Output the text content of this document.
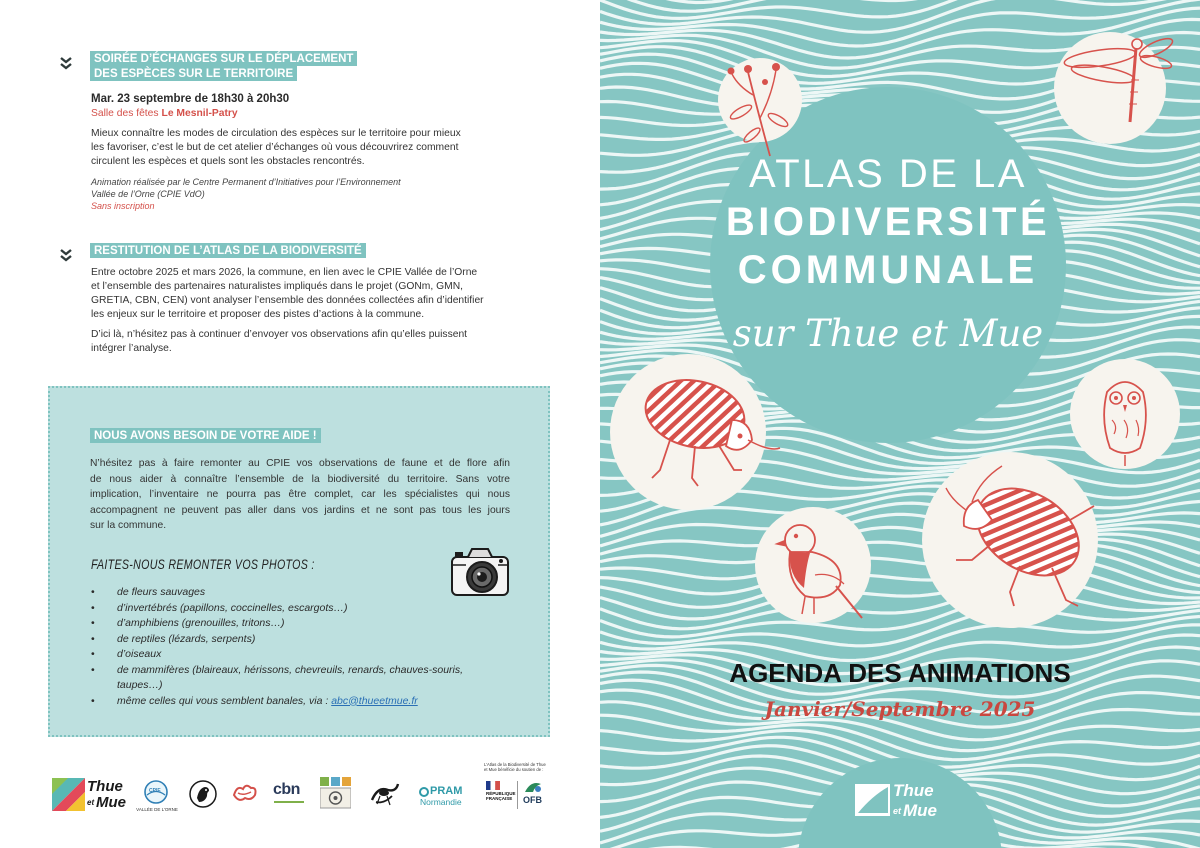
SOIRÉE D’ÉCHANGES SUR LE DÉPLACEMENT
DES ESPÈCES SUR LE TERRITOIRE
Mar. 23 septembre de 18h30 à 20h30
Salle des fêtes Le Mesnil-Patry
Mieux connaître les modes de circulation des espèces sur le territoire pour mieux
les favoriser, c’est le but de cet atelier d’échanges où vous découvrirez comment
circulent les espèces et quels sont les obstacles rencontrés.
Animation réalisée par le Centre Permanent d’Initiatives pour l’Environnement
Vallée de l’Orne (CPIE VdO)
Sans inscription
RESTITUTION DE L’ATLAS DE LA BIODIVERSITÉ
Entre octobre 2025 et mars 2026, la commune, en lien avec le CPIE Vallée de l’Orne
et l’ensemble des partenaires naturalistes impliqués dans le projet (GONm, GMN,
GRETIA, CBN, CEN) vont analyser l’ensemble des données collectées afin d’identifier
les enjeux sur le territoire et proposer des pistes d’actions à la commune.
D’ici là, n’hésitez pas à continuer d’envoyer vos observations afin qu’elles puissent
intégrer l’analyse.
NOUS AVONS BESOIN DE VOTRE AIDE !
N’hésitez pas à faire remonter au CPIE vos observations de faune et de flore afin
de nous aider à connaître l’ensemble de la biodiversité du territoire. Sans votre
implication, l’inventaire ne pourra pas être complet, car les spécialistes qui nous
accompagnent ne peuvent pas aller dans vos jardins et ne sont pas tous les jours
sur la commune.
FAITES-NOUS REMONTER VOS PHOTOS :
• de fleurs sauvages
• d’invertébrés (papillons, coccinelles, escargots…)
• d’amphibiens (grenouilles, tritons…)
• de reptiles (lézards, serpents)
• d’oiseaux
• de mammifères (blaireaux, hérissons, chevreuils, renards, chauves-souris, taupes…)
• même celles qui vous semblent banales, via : abc@thueetmue.fr
Thue
et Mue
CPIE
VALLÉE DE L’ORNE
cbn	PRAM
Normandie
L’Atlas de la Biodiversité de Thue
et Mue bénéficie du soutien de :
RÉPUBLIQUE
FRANÇAISE	OFB
ATLAS DE LA
BIODIVERSITÉ
COMMUNALE
sur Thue et Mue
AGENDA DES ANIMATIONS
Janvier/Septembre 2025
Thue
et Mue
